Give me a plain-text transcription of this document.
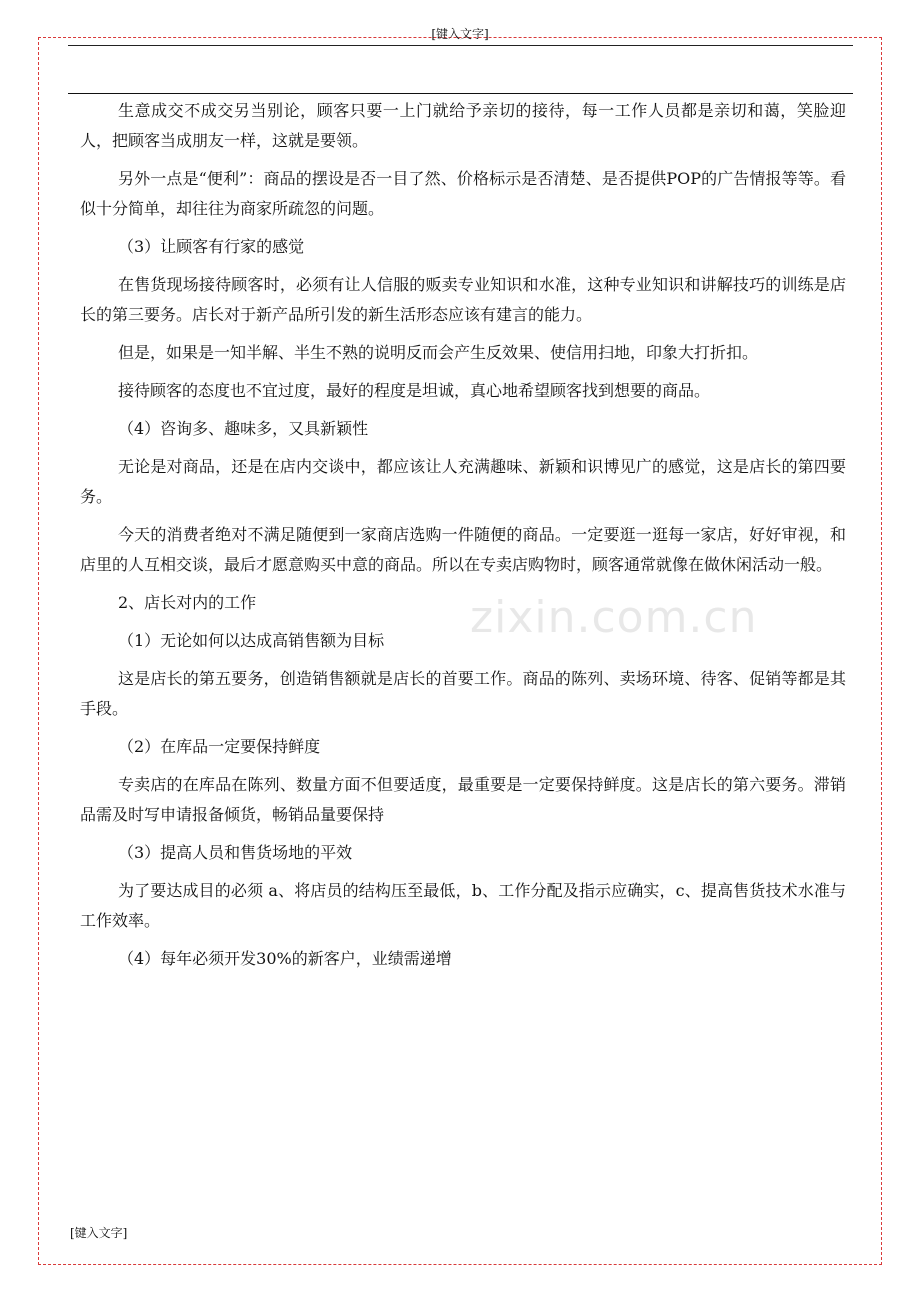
[键入文字]
zixin.com.cn

生意成交不成交另当别论，顾客只要一上门就给予亲切的接待，每一工作人员都是亲切和蔼，笑脸迎人，把顾客当成朋友一样，这就是要领。

另外一点是“便利”：商品的摆设是否一目了然、价格标示是否清楚、是否提供POP的广告情报等等。看似十分简单，却往往为商家所疏忽的问题。

（3）让顾客有行家的感觉

在售货现场接待顾客时，必须有让人信服的贩卖专业知识和水准，这种专业知识和讲解技巧的训练是店长的第三要务。店长对于新产品所引发的新生活形态应该有建言的能力。

但是，如果是一知半解、半生不熟的说明反而会产生反效果、使信用扫地，印象大打折扣。

接待顾客的态度也不宜过度，最好的程度是坦诚，真心地希望顾客找到想要的商品。

（4）咨询多、趣味多，又具新颖性

无论是对商品，还是在店内交谈中，都应该让人充满趣味、新颖和识博见广的感觉，这是店长的第四要务。

今天的消费者绝对不满足随便到一家商店选购一件随便的商品。一定要逛一逛每一家店，好好审视，和店里的人互相交谈，最后才愿意购买中意的商品。所以在专卖店购物时，顾客通常就像在做休闲活动一般。

2、店长对内的工作

（1）无论如何以达成高销售额为目标

这是店长的第五要务，创造销售额就是店长的首要工作。商品的陈列、卖场环境、待客、促销等都是其手段。

（2）在库品一定要保持鲜度

专卖店的在库品在陈列、数量方面不但要适度，最重要是一定要保持鲜度。这是店长的第六要务。滞销品需及时写申请报备倾货，畅销品量要保持

（3）提高人员和售货场地的平效

为了要达成目的必须 a、将店员的结构压至最低，b、工作分配及指示应确实，c、提高售货技术水准与工作效率。

（4）每年必须开发30%的新客户，业绩需递增

[键入文字]
